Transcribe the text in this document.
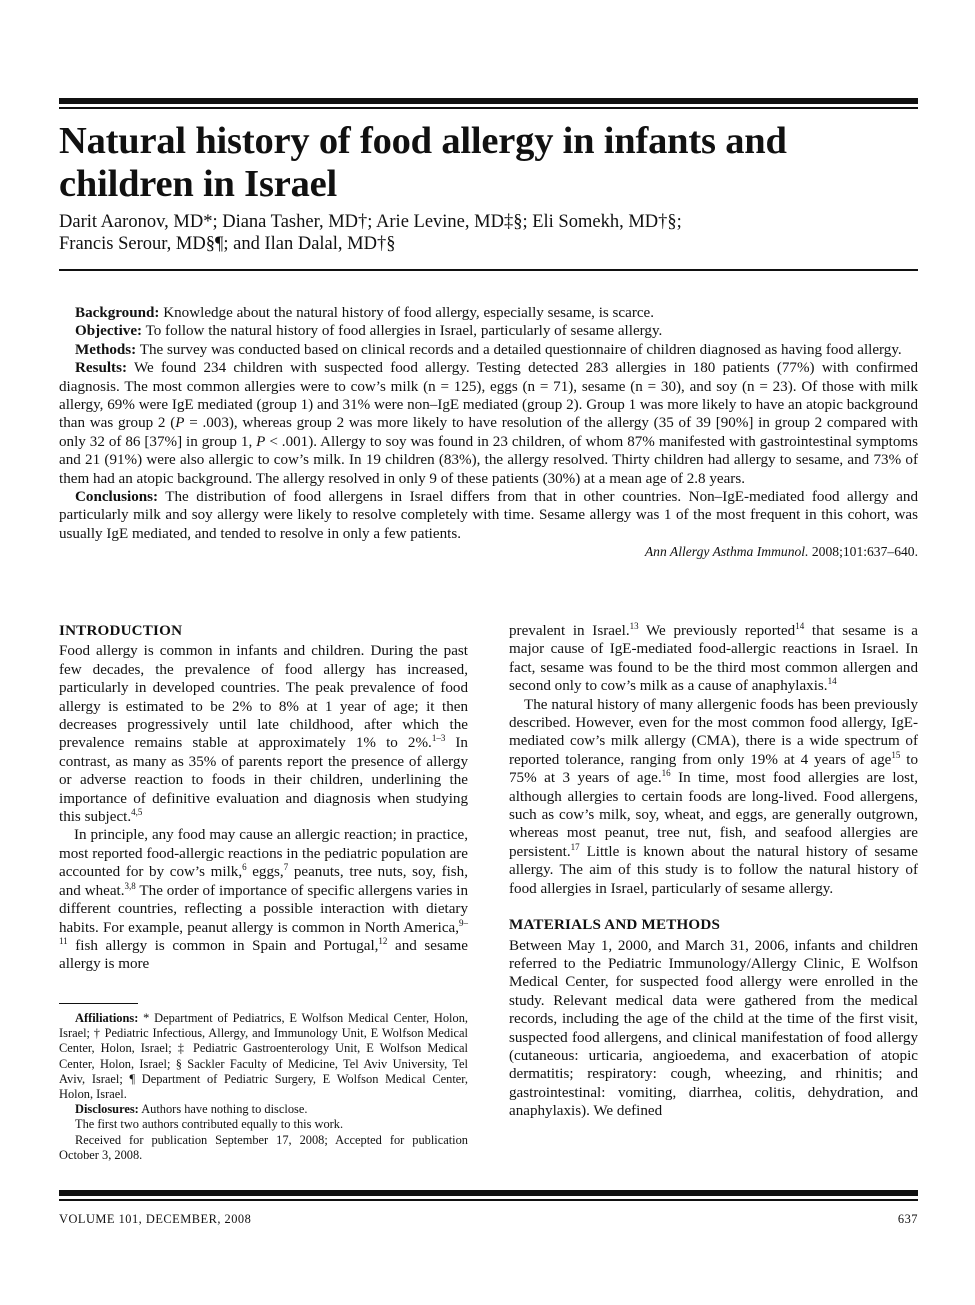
Natural history of food allergy in infants and children in Israel
Darit Aaronov, MD*; Diana Tasher, MD†; Arie Levine, MD‡§; Eli Somekh, MD†§;
Francis Serour, MD§¶; and Ilan Dalal, MD†§

Background: Knowledge about the natural history of food allergy, especially sesame, is scarce.

Objective: To follow the natural history of food allergies in Israel, particularly of sesame allergy.

Methods: The survey was conducted based on clinical records and a detailed questionnaire of children diagnosed as having food allergy.

Results: We found 234 children with suspected food allergy. Testing detected 283 allergies in 180 patients (77%) with confirmed diagnosis. The most common allergies were to cow’s milk (n = 125), eggs (n = 71), sesame (n = 30), and soy (n = 23). Of those with milk allergy, 69% were IgE mediated (group 1) and 31% were non–IgE mediated (group 2). Group 1 was more likely to have an atopic background than was group 2 (P = .003), whereas group 2 was more likely to have resolution of the allergy (35 of 39 [90%] in group 2 compared with only 32 of 86 [37%] in group 1, P < .001). Allergy to soy was found in 23 children, of whom 87% manifested with gastrointestinal symptoms and 21 (91%) were also allergic to cow’s milk. In 19 children (83%), the allergy resolved. Thirty children had allergy to sesame, and 73% of them had an atopic background. The allergy resolved in only 9 of these patients (30%) at a mean age of 2.8 years.

Conclusions: The distribution of food allergens in Israel differs from that in other countries. Non–IgE-mediated food allergy and particularly milk and soy allergy were likely to resolve completely with time. Sesame allergy was 1 of the most frequent in this cohort, was usually IgE mediated, and tended to resolve in only a few patients.

Ann Allergy Asthma Immunol. 2008;101:637–640.
INTRODUCTION

Food allergy is common in infants and children. During the past few decades, the prevalence of food allergy has increased, particularly in developed countries. The peak prevalence of food allergy is estimated to be 2% to 8% at 1 year of age; it then decreases progressively until late childhood, after which the prevalence remains stable at approximately 1% to 2%.$^{1-3}$ In contrast, as many as 35% of parents report the presence of allergy or adverse reaction to foods in their children, underlining the importance of definitive evaluation and diagnosis when studying this subject.$^{4,5}$

In principle, any food may cause an allergic reaction; in practice, most reported food-allergic reactions in the pediatric population are accounted for by cow’s milk,$^6$ eggs,$^7$ peanuts, tree nuts, soy, fish, and wheat.$^{3,8}$ The order of importance of specific allergens varies in different countries, reflecting a possible interaction with dietary habits. For example, peanut allergy is common in North America,$^{9-11}$ fish allergy is common in Spain and Portugal,$^{12}$ and sesame allergy is more

Affiliations: * Department of Pediatrics, E Wolfson Medical Center, Holon, Israel; † Pediatric Infectious, Allergy, and Immunology Unit, E Wolfson Medical Center, Holon, Israel; ‡ Pediatric Gastroenterology Unit, E Wolfson Medical Center, Holon, Israel; § Sackler Faculty of Medicine, Tel Aviv University, Tel Aviv, Israel; ¶ Department of Pediatric Surgery, E Wolfson Medical Center, Holon, Israel.

Disclosures: Authors have nothing to disclose.

The first two authors contributed equally to this work.

Received for publication September 17, 2008; Accepted for publication October 3, 2008.

prevalent in Israel.$^{13}$ We previously reported$^{14}$ that sesame is a major cause of IgE-mediated food-allergic reactions in Israel. In fact, sesame was found to be the third most common allergen and second only to cow’s milk as a cause of anaphylaxis.$^{14}$

The natural history of many allergenic foods has been previously described. However, even for the most common food allergy, IgE-mediated cow’s milk allergy (CMA), there is a wide spectrum of reported tolerance, ranging from only 19% at 4 years of age$^{15}$ to 75% at 3 years of age.$^{16}$ In time, most food allergies are lost, although allergies to certain foods are long-lived. Food allergens, such as cow’s milk, soy, wheat, and eggs, are generally outgrown, whereas most peanut, tree nut, fish, and seafood allergies are persistent.$^{17}$ Little is known about the natural history of sesame allergy. The aim of this study is to follow the natural history of food allergies in Israel, particularly of sesame allergy.

MATERIALS AND METHODS

Between May 1, 2000, and March 31, 2006, infants and children referred to the Pediatric Immunology/Allergy Clinic, E Wolfson Medical Center, for suspected food allergy were enrolled in the study. Relevant medical data were gathered from the medical records, including the age of the child at the time of the first visit, suspected food allergens, and clinical manifestation of food allergy (cutaneous: urticaria, angioedema, and exacerbation of atopic dermatitis; respiratory: cough, wheezing, and rhinitis; and gastrointestinal: vomiting, diarrhea, colitis, dehydration, and anaphylaxis). We defined

VOLUME 101, DECEMBER, 2008	637
